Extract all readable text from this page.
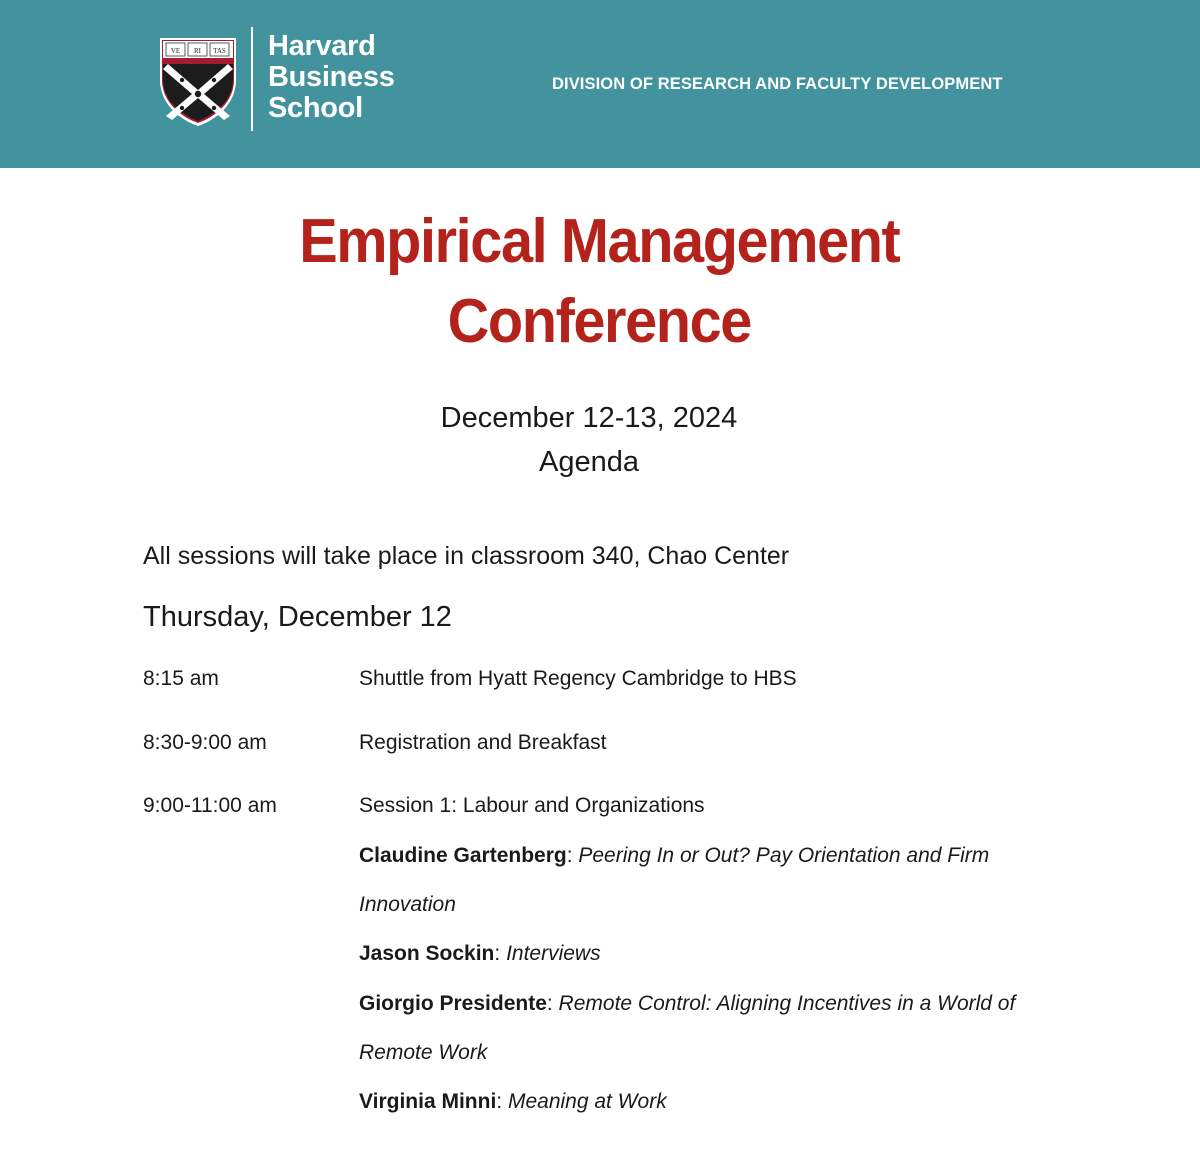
VE RI TAS Harvard
Business
School
DIVISION OF RESEARCH AND FACULTY DEVELOPMENT
Empirical Management
Conference
December 12-13, 2024
Agenda
All sessions will take place in classroom 340, Chao Center
Thursday, December 12
8:15 am	Shuttle from Hyatt Regency Cambridge to HBS
8:30-9:00 am	Registration and Breakfast
9:00-11:00 am	Session 1: Labour and Organizations
Claudine Gartenberg: Peering In or Out? Pay Orientation and Firm
Innovation
Jason Sockin: Interviews
Giorgio Presidente: Remote Control: Aligning Incentives in a World of
Remote Work
Virginia Minni: Meaning at Work
